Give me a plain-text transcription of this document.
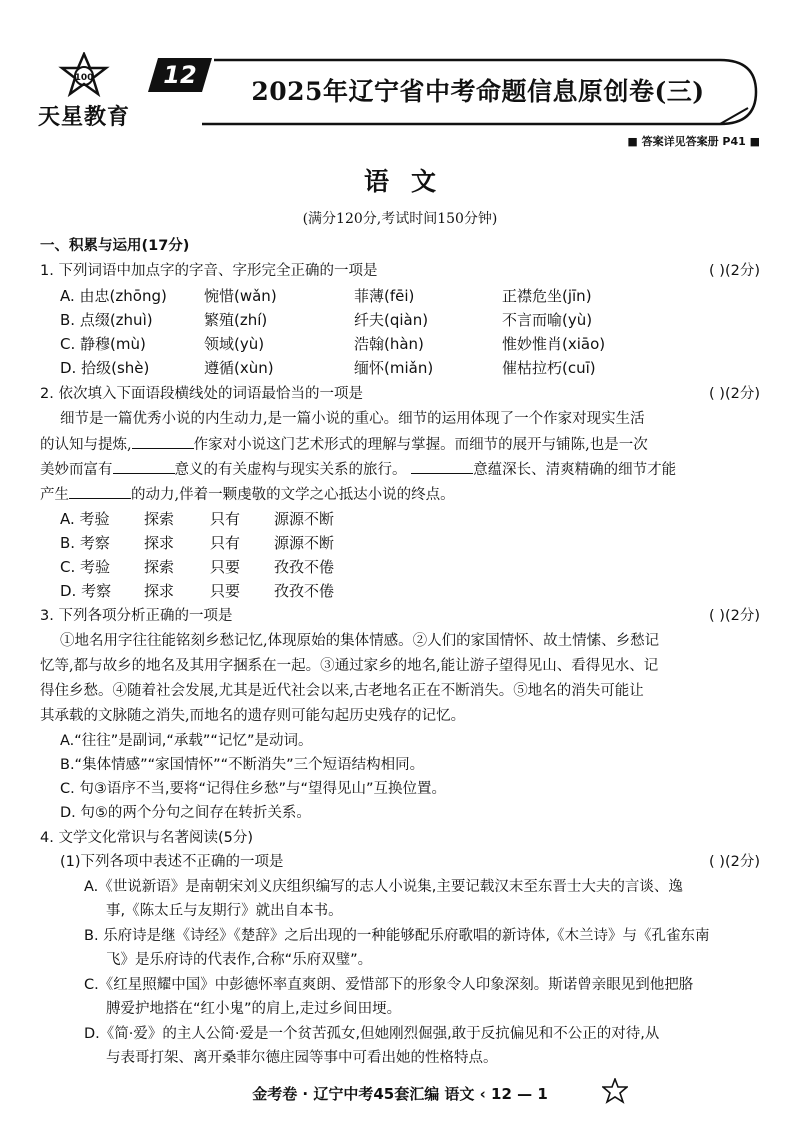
100
天星教育
12
2025年辽宁省中考命题信息原创卷(三)
■ 答案详见答案册 P41 ■
语文
(满分120分,考试时间150分钟)
一、积累与运用(17分)
1. 下列词语中加点字的字音、字形完全正确的一项是	( )(2分)
A. 由忠(zhōng) 惋惜(wǎn)	菲薄(fēi)	正襟危坐(jīn)
B. 点缀(zhuì)	繁殖(zhí)	纤夫(qiàn)	不言而喻(yù)
C. 静穆(mù)	领域(yù)	浩翰(hàn)	惟妙惟肖(xiāo)
D. 拾级(shè)	遵循(xùn)	缅怀(miǎn)	催枯拉朽(cuī)
2. 依次填入下面语段横线处的词语最恰当的一项是	( )(2分)
细节是一篇优秀小说的内生动力,是一篇小说的重心。细节的运用体现了一个作家对现实生活
的认知与提炼,	作家对小说这门艺术形式的理解与掌握。而细节的展开与铺陈,也是一次
美妙而富有	意义的有关虚构与现实关系的旅行。	意蕴深长、清爽精确的细节才能
产生	的动力,伴着一颗虔敬的文学之心抵达小说的终点。
A. 考验 探索 只有 源源不断
B. 考察 探求 只有 源源不断
C. 考验 探索 只要 孜孜不倦
D. 考察 探求 只要 孜孜不倦
3. 下列各项分析正确的一项是	( )(2分)
①地名用字往往能铭刻乡愁记忆,体现原始的集体情感。②人们的家国情怀、故土情愫、乡愁记
忆等,都与故乡的地名及其用字捆系在一起。③通过家乡的地名,能让游子望得见山、看得见水、记
得住乡愁。④随着社会发展,尤其是近代社会以来,古老地名正在不断消失。⑤地名的消失可能让
其承载的文脉随之消失,而地名的遗存则可能勾起历史残存的记忆。
A.“往往”是副词,“承载”“记忆”是动词。
B.“集体情感”“家国情怀”“不断消失”三个短语结构相同。
C. 句③语序不当,要将“记得住乡愁”与“望得见山”互换位置。
D. 句⑤的两个分句之间存在转折关系。
4. 文学文化常识与名著阅读(5分)
(1)下列各项中表述不正确的一项是	( )(2分)
A.《世说新语》是南朝宋刘义庆组织编写的志人小说集,主要记载汉末至东晋士大夫的言谈、逸
事,《陈太丘与友期行》就出自本书。
B. 乐府诗是继《诗经》《楚辞》之后出现的一种能够配乐府歌唱的新诗体,《木兰诗》与《孔雀东南
飞》是乐府诗的代表作,合称“乐府双璧”。
C.《红星照耀中国》中彭德怀率直爽朗、爱惜部下的形象令人印象深刻。斯诺曾亲眼见到他把胳
膊爱护地搭在“红小鬼”的肩上,走过乡间田埂。
D.《简·爱》的主人公简·爱是一个贫苦孤女,但她刚烈倔强,敢于反抗偏见和不公正的对待,从
与表哥打架、离开桑菲尔德庄园等事中可看出她的性格特点。
金考卷 · 辽宁中考45套汇编 语文 ‹ 12 — 1
